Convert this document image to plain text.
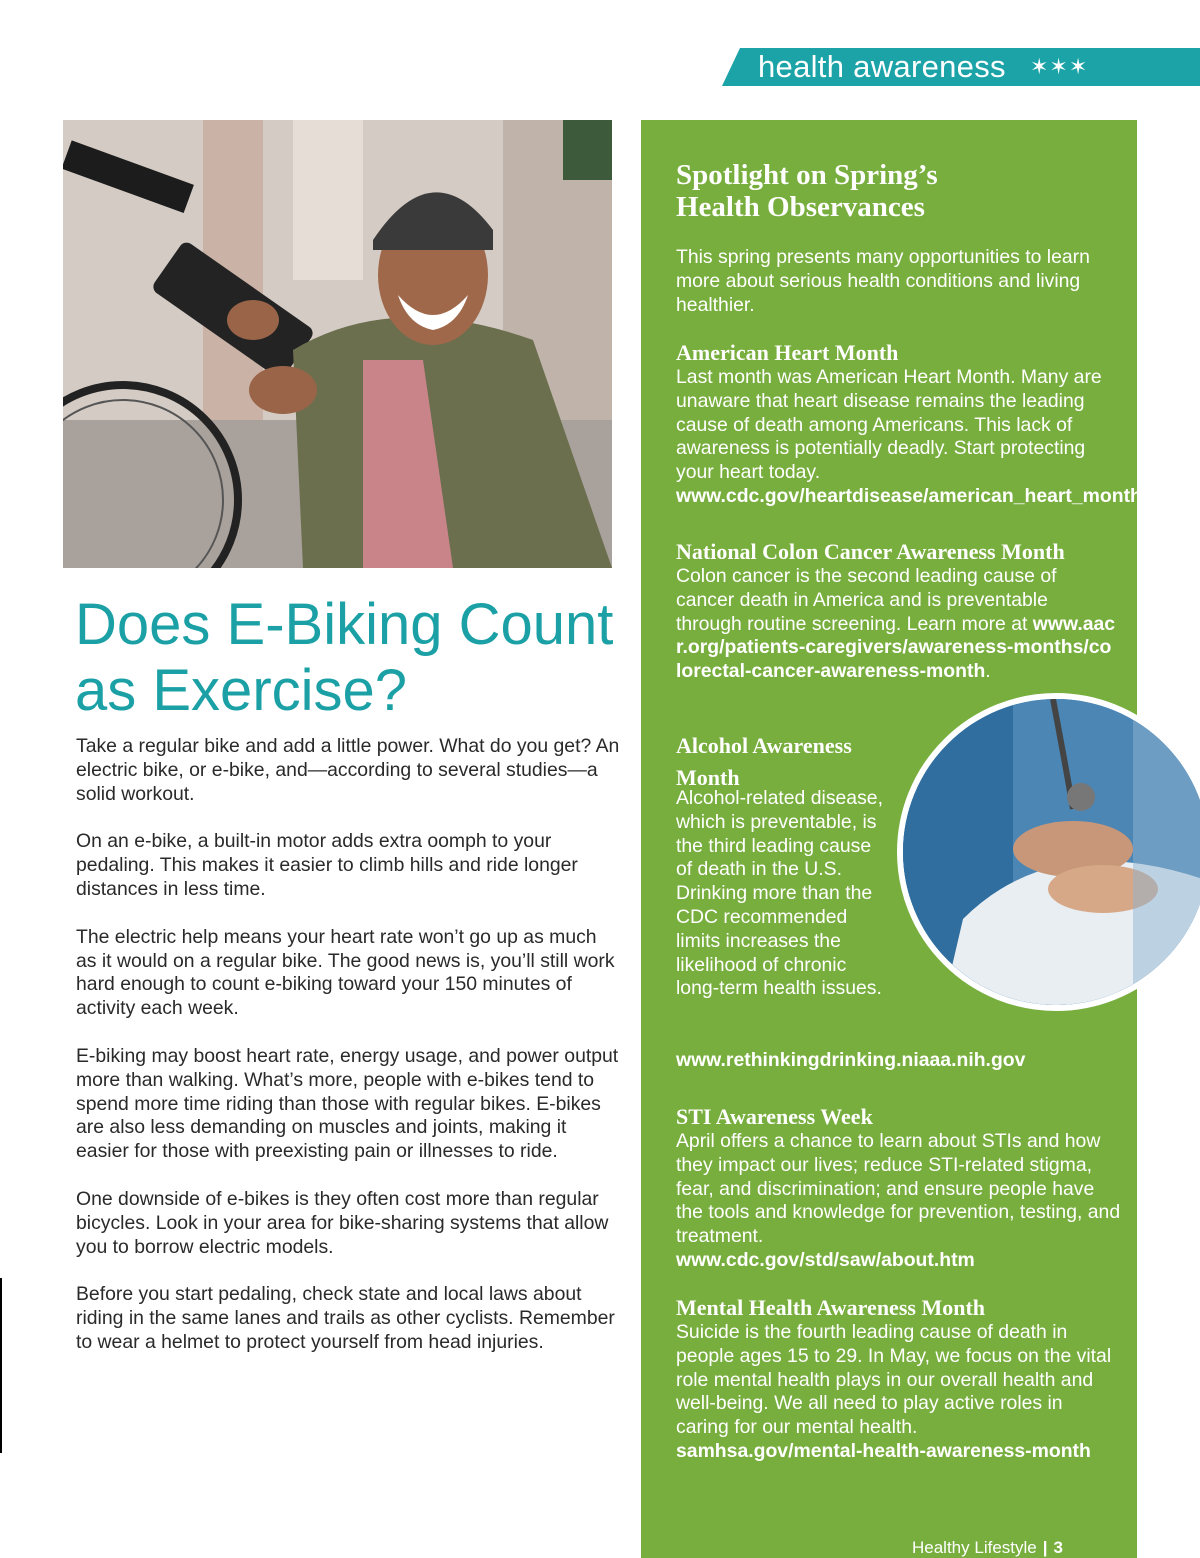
health awareness ✶✶✶
Does E-Biking Count as Exercise?

Take a regular bike and add a little power. What do you get? An electric bike, or e-bike, and—according to several studies—a solid workout.

On an e-bike, a built-in motor adds extra oomph to your pedaling. This makes it easier to climb hills and ride longer distances in less time.

The electric help means your heart rate won’t go up as much as it would on a regular bike. The good news is, you’ll still work hard enough to count e-biking toward your 150 minutes of activity each week.

E-biking may boost heart rate, energy usage, and power output more than walking. What’s more, people with e-bikes tend to spend more time riding than those with regular bikes. E-bikes are also less demanding on muscles and joints, making it easier for those with preexisting pain or illnesses to ride.

One downside of e-bikes is they often cost more than regular bicycles. Look in your area for bike-sharing systems that allow you to borrow electric models.

Before you start pedaling, check state and local laws about riding in the same lanes and trails as other cyclists. Remember to wear a helmet to protect yourself from head injuries.

Spotlight on Spring’s
Health Observances

This spring presents many opportunities to learn more about serious health conditions and living healthier.

American Heart Month

Last month was American Heart Month. Many are unaware that heart disease remains the leading cause of death among Americans. This lack of awareness is potentially deadly. Start protecting your heart today. www.cdc.gov/heartdisease/american_heart_month.htm

National Colon Cancer Awareness Month

Colon cancer is the second leading cause of cancer death in America and is preventable through routine screening. Learn more at www.aacr.org/patients-caregivers/awareness-months/colorectal-cancer-awareness-month.

Alcohol Awareness
Month

Alcohol-related disease, which is preventable, is the third leading cause of death in the U.S. Drinking more than the CDC recommended limits increases the likelihood of chronic long-term health issues.

www.rethinkingdrinking.niaaa.nih.gov

STI Awareness Week

April offers a chance to learn about STIs and how they impact our lives; reduce STI-related stigma, fear, and discrimination; and ensure people have the tools and knowledge for prevention, testing, and treatment.
www.cdc.gov/std/saw/about.htm

Mental Health Awareness Month

Suicide is the fourth leading cause of death in people ages 15 to 29. In May, we focus on the vital role mental health plays in our overall health and well-being. We all need to play active roles in caring for our mental health.
samhsa.gov/mental-health-awareness-month

Healthy Lifestyle | 3
